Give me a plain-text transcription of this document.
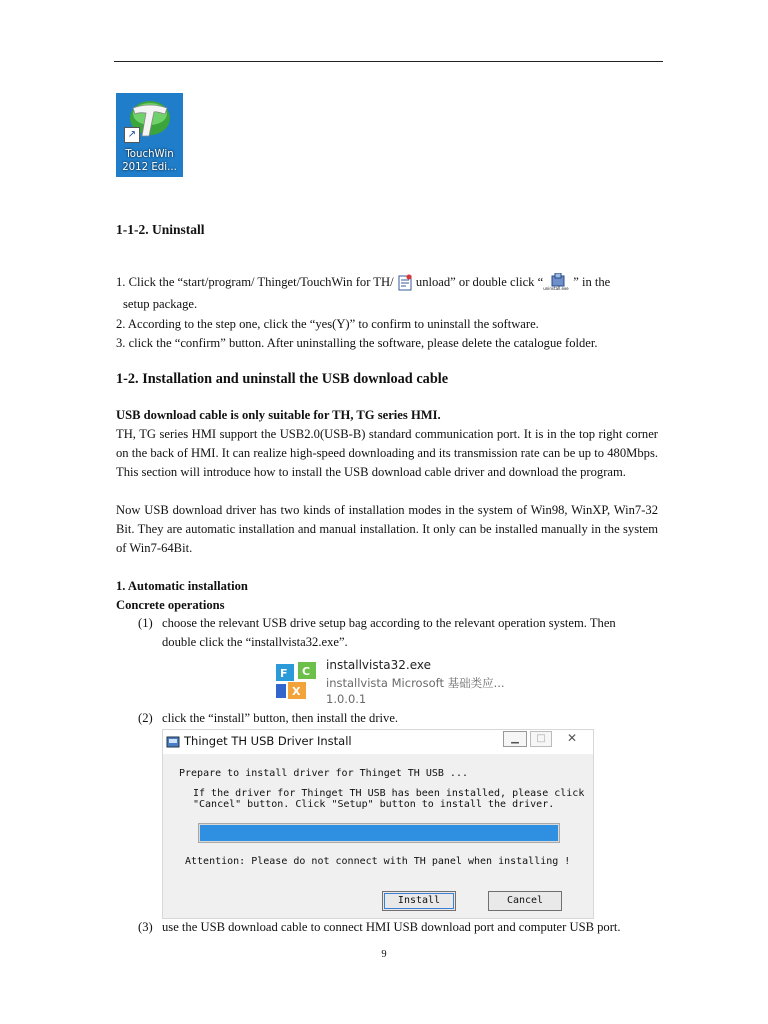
↗
TouchWin
2012 Edi...
1-1-2. Uninstall
1. Click the “start/program/ Thinget/TouchWin for TH/  unload” or double click “ uninstall.exe ” in the
setup package.
2. According to the step one, click the “yes(Y)” to confirm to uninstall the software.
3. click the “confirm” button. After uninstalling the software, please delete the catalogue folder.
1-2. Installation and uninstall the USB download cable
USB download cable is only suitable for TH, TG series HMI.
TH, TG series HMI support the USB2.0(USB-B) standard communication port. It is in the top right corner on the back of HMI. It can realize high-speed downloading and its transmission rate can be up to 480Mbps. This section will introduce how to install the USB download cable driver and download the program.
Now USB download driver has two kinds of installation modes in the system of Win98, WinXP, Win7-32 Bit. They are automatic installation and manual installation. It only can be installed manually in the system of Win7-64Bit.
1. Automatic installation
Concrete operations
(1) choose the relevant USB drive setup bag according to the relevant operation system. Then
double click the “installvista32.exe”.
F C
X
installvista32.exe
installvista Microsoft 基础类应...
1.0.0.1
(2) click the “install” button, then install the drive.
Thinget TH USB Driver Install	▁	□	✕
Prepare to install driver for Thinget TH USB ...
If the driver for Thinget TH USB has been installed, please click
"Cancel" button. Click "Setup" button to install the driver.
Attention: Please do not connect with TH panel when installing !
Install	Cancel
(3) use the USB download cable to connect HMI USB download port and computer USB port.
9
